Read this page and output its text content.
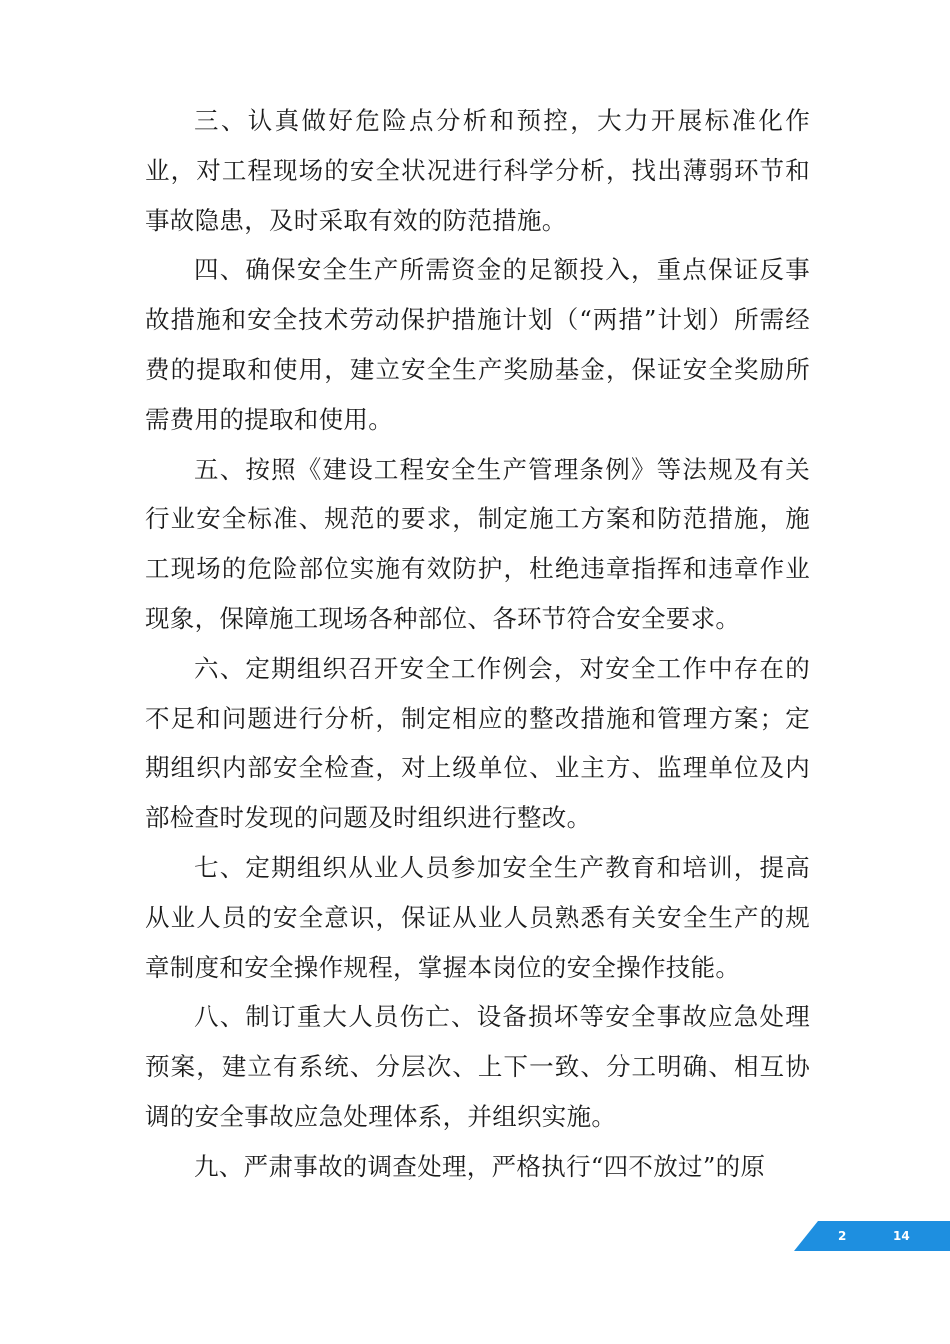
三、认真做好危险点分析和预控，大力开展标准化作业，对工程现场的安全状况进行科学分析，找出薄弱环节和事故隐患，及时采取有效的防范措施。

四、确保安全生产所需资金的足额投入，重点保证反事故措施和安全技术劳动保护措施计划（“两措”计划）所需经费的提取和使用，建立安全生产奖励基金，保证安全奖励所需费用的提取和使用。

五、按照《建设工程安全生产管理条例》等法规及有关行业安全标准、规范的要求，制定施工方案和防范措施，施工现场的危险部位实施有效防护，杜绝违章指挥和违章作业现象，保障施工现场各种部位、各环节符合安全要求。

六、定期组织召开安全工作例会，对安全工作中存在的不足和问题进行分析，制定相应的整改措施和管理方案；定期组织内部安全检查，对上级单位、业主方、监理单位及内部检查时发现的问题及时组织进行整改。

七、定期组织从业人员参加安全生产教育和培训，提高从业人员的安全意识，保证从业人员熟悉有关安全生产的规章制度和安全操作规程，掌握本岗位的安全操作技能。

八、制订重大人员伤亡、设备损坏等安全事故应急处理预案，建立有系统、分层次、上下一致、分工明确、相互协调的安全事故应急处理体系，并组织实施。

九、严肃事故的调查处理，严格执行“四不放过”的原

2	14
